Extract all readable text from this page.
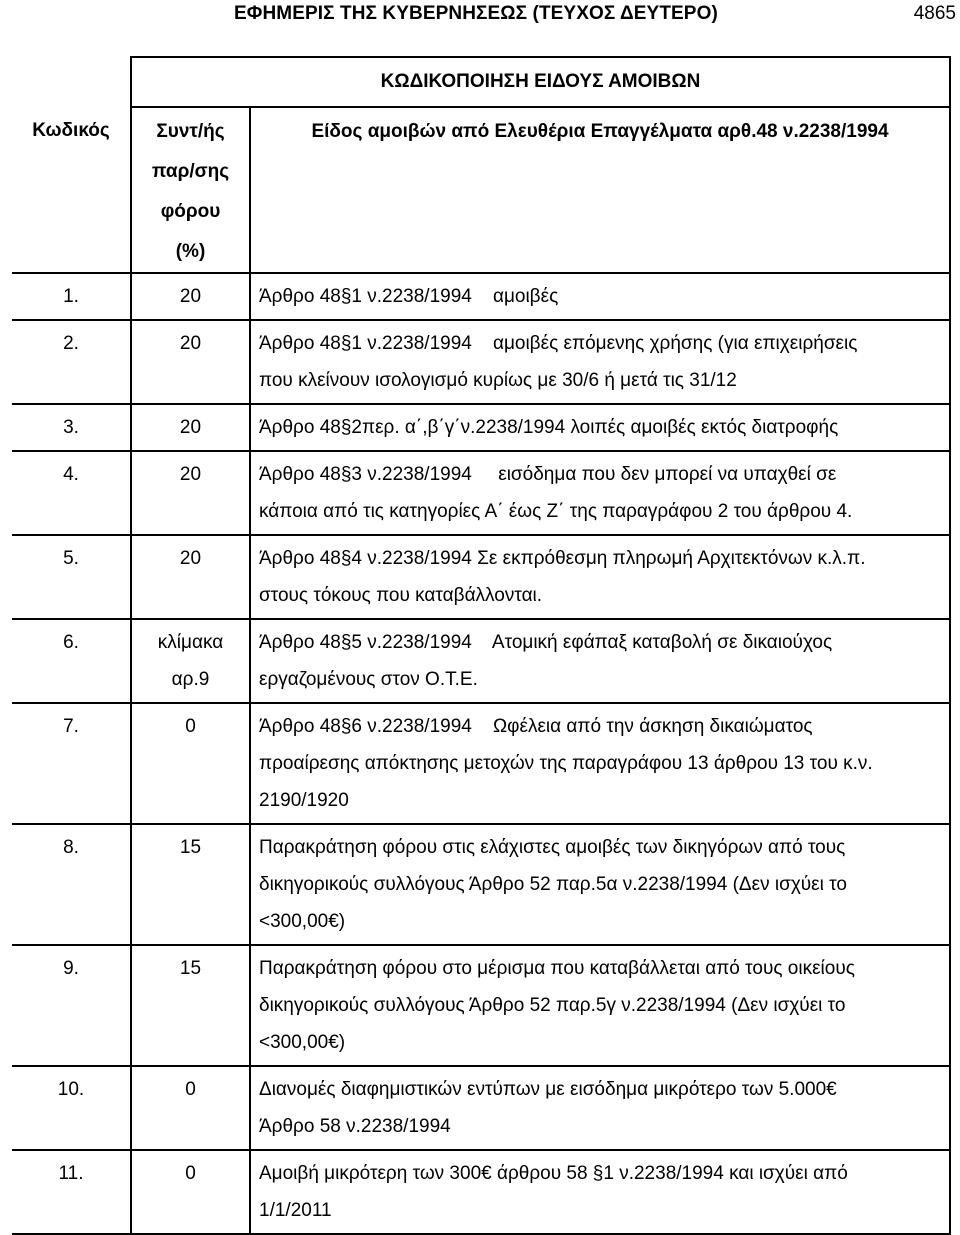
ΕΦΗΜΕΡΙΣ ΤΗΣ ΚΥΒΕΡΝΗΣΕΩΣ (ΤΕΥΧΟΣ ΔΕΥΤΕΡΟ)	4865
	ΚΩΔΙΚΟΠΟΙΗΣΗ ΕΙΔΟΥΣ ΑΜΟΙΒΩΝ	
Κωδικός	Συντ/ής
παρ/σης
φόρου
(%)	Είδος αμοιβών από Ελευθέρια Επαγγέλματα αρθ.48 ν.2238/1994
1.	20	Άρθρο 48§1 ν.2238/1994    αμοιβές

2.	20	Άρθρο 48§1 ν.2238/1994    αμοιβές επόμενης χρήσης (για επιχειρήσεις
που κλείνουν ισολογισμό κυρίως με 30/6 ή μετά τις 31/12

3.	20	Άρθρο 48§2περ. α΄,β΄γ΄ν.2238/1994 λοιπές αμοιβές εκτός διατροφής

4.	20	Άρθρο 48§3 ν.2238/1994     εισόδημα που δεν μπορεί να υπαχθεί σε
κάποια από τις κατηγορίες Α΄ έως Ζ΄ της παραγράφου 2 του άρθρου 4.

5.	20	Άρθρο 48§4 ν.2238/1994 Σε εκπρόθεσμη πληρωμή Αρχιτεκτόνων κ.λ.π.
στους τόκους που καταβάλλονται.

6.	κλίμακα
αρ.9	Άρθρο 48§5 ν.2238/1994    Ατομική εφάπαξ καταβολή σε δικαιούχος
εργαζομένους στον Ο.Τ.Ε.

7.	0	Άρθρο 48§6 ν.2238/1994    Ωφέλεια από την άσκηση δικαιώματος
προαίρεσης απόκτησης μετοχών της παραγράφου 13 άρθρου 13 του κ.ν.
2190/1920

8.	15	Παρακράτηση φόρου στις ελάχιστες αμοιβές των δικηγόρων από τους
δικηγορικούς συλλόγους Άρθρο 52 παρ.5α ν.2238/1994 (Δεν ισχύει το
<300,00€)

9.	15	Παρακράτηση φόρου στο μέρισμα που καταβάλλεται από τους οικείους
δικηγορικούς συλλόγους Άρθρο 52 παρ.5γ ν.2238/1994 (Δεν ισχύει το
<300,00€)

10.	0	Διανομές διαφημιστικών εντύπων με εισόδημα μικρότερο των 5.000€
Άρθρο 58 ν.2238/1994

11.	0	Αμοιβή μικρότερη των 300€ άρθρου 58 §1 ν.2238/1994 και ισχύει από
1/1/2011
